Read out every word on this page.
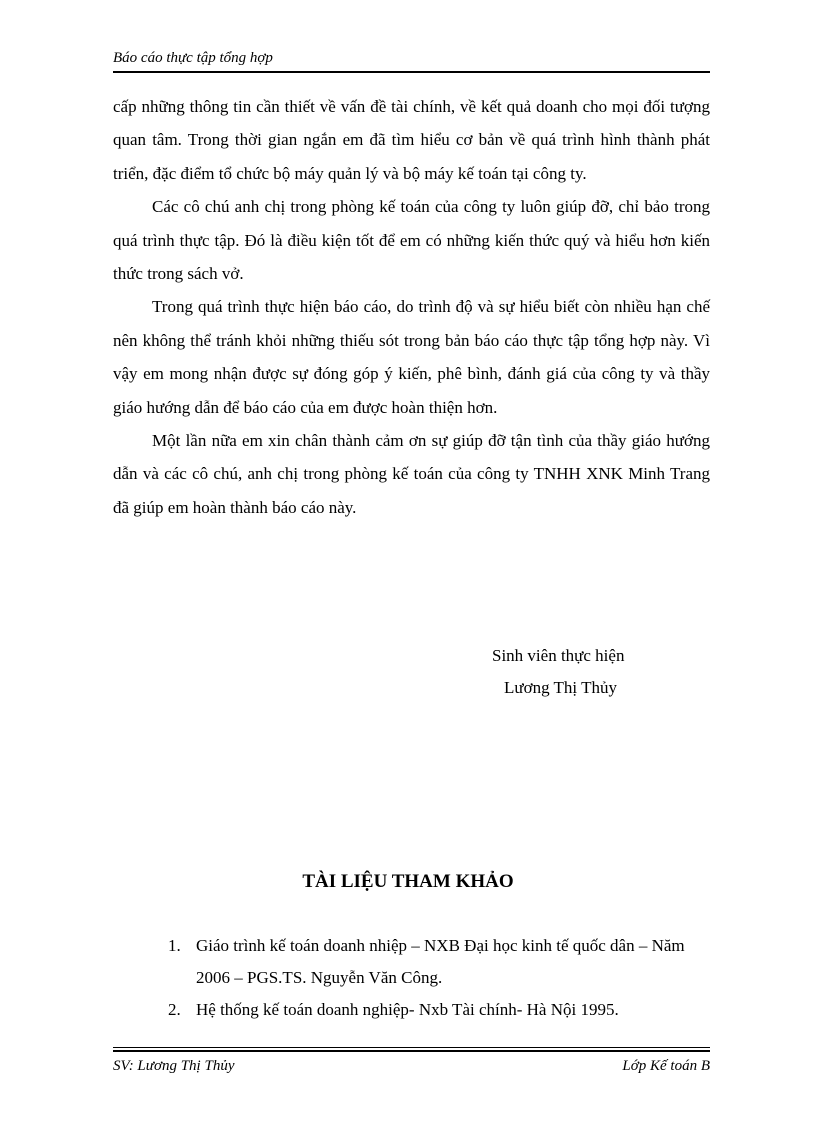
Báo cáo thực tập tổng hợp

cấp những thông tin cần thiết về vấn đề tài chính, về kết quả doanh cho mọi đối tượng quan tâm. Trong thời gian ngắn em đã tìm hiểu cơ bản về quá trình hình thành phát triển, đặc điểm tổ chức bộ máy quản lý và bộ máy kế toán tại công ty.

Các cô chú anh chị trong phòng kế toán của công ty luôn giúp đỡ, chỉ bảo trong quá trình thực tập. Đó là điều kiện tốt để em có những kiến thức quý và hiểu hơn kiến thức trong sách vở.

Trong quá trình thực hiện báo cáo, do trình độ và sự hiểu biết còn nhiều hạn chế nên không thể tránh khỏi những thiếu sót trong bản báo cáo thực tập tổng hợp này. Vì vậy em mong nhận được sự đóng góp ý kiến, phê bình, đánh giá của công ty và thầy giáo hướng dẫn để báo cáo của em được hoàn thiện hơn.

Một lần nữa em xin chân thành cảm ơn sự giúp đỡ tận tình của thầy giáo hướng dẫn và các cô chú, anh chị trong phòng kế toán của công ty TNHH XNK Minh Trang đã giúp em hoàn thành báo cáo này.

Sinh viên thực hiện
Lương Thị Thủy
TÀI LIỆU THAM KHẢO
1. Giáo trình kế toán doanh nhiệp – NXB Đại học kinh tế quốc dân – Năm 2006 – PGS.TS. Nguyễn Văn Công.
2. Hệ thống kế toán doanh nghiệp- Nxb Tài chính- Hà Nội 1995.
SV: Lương Thị Thủy	Lớp Kế toán B
